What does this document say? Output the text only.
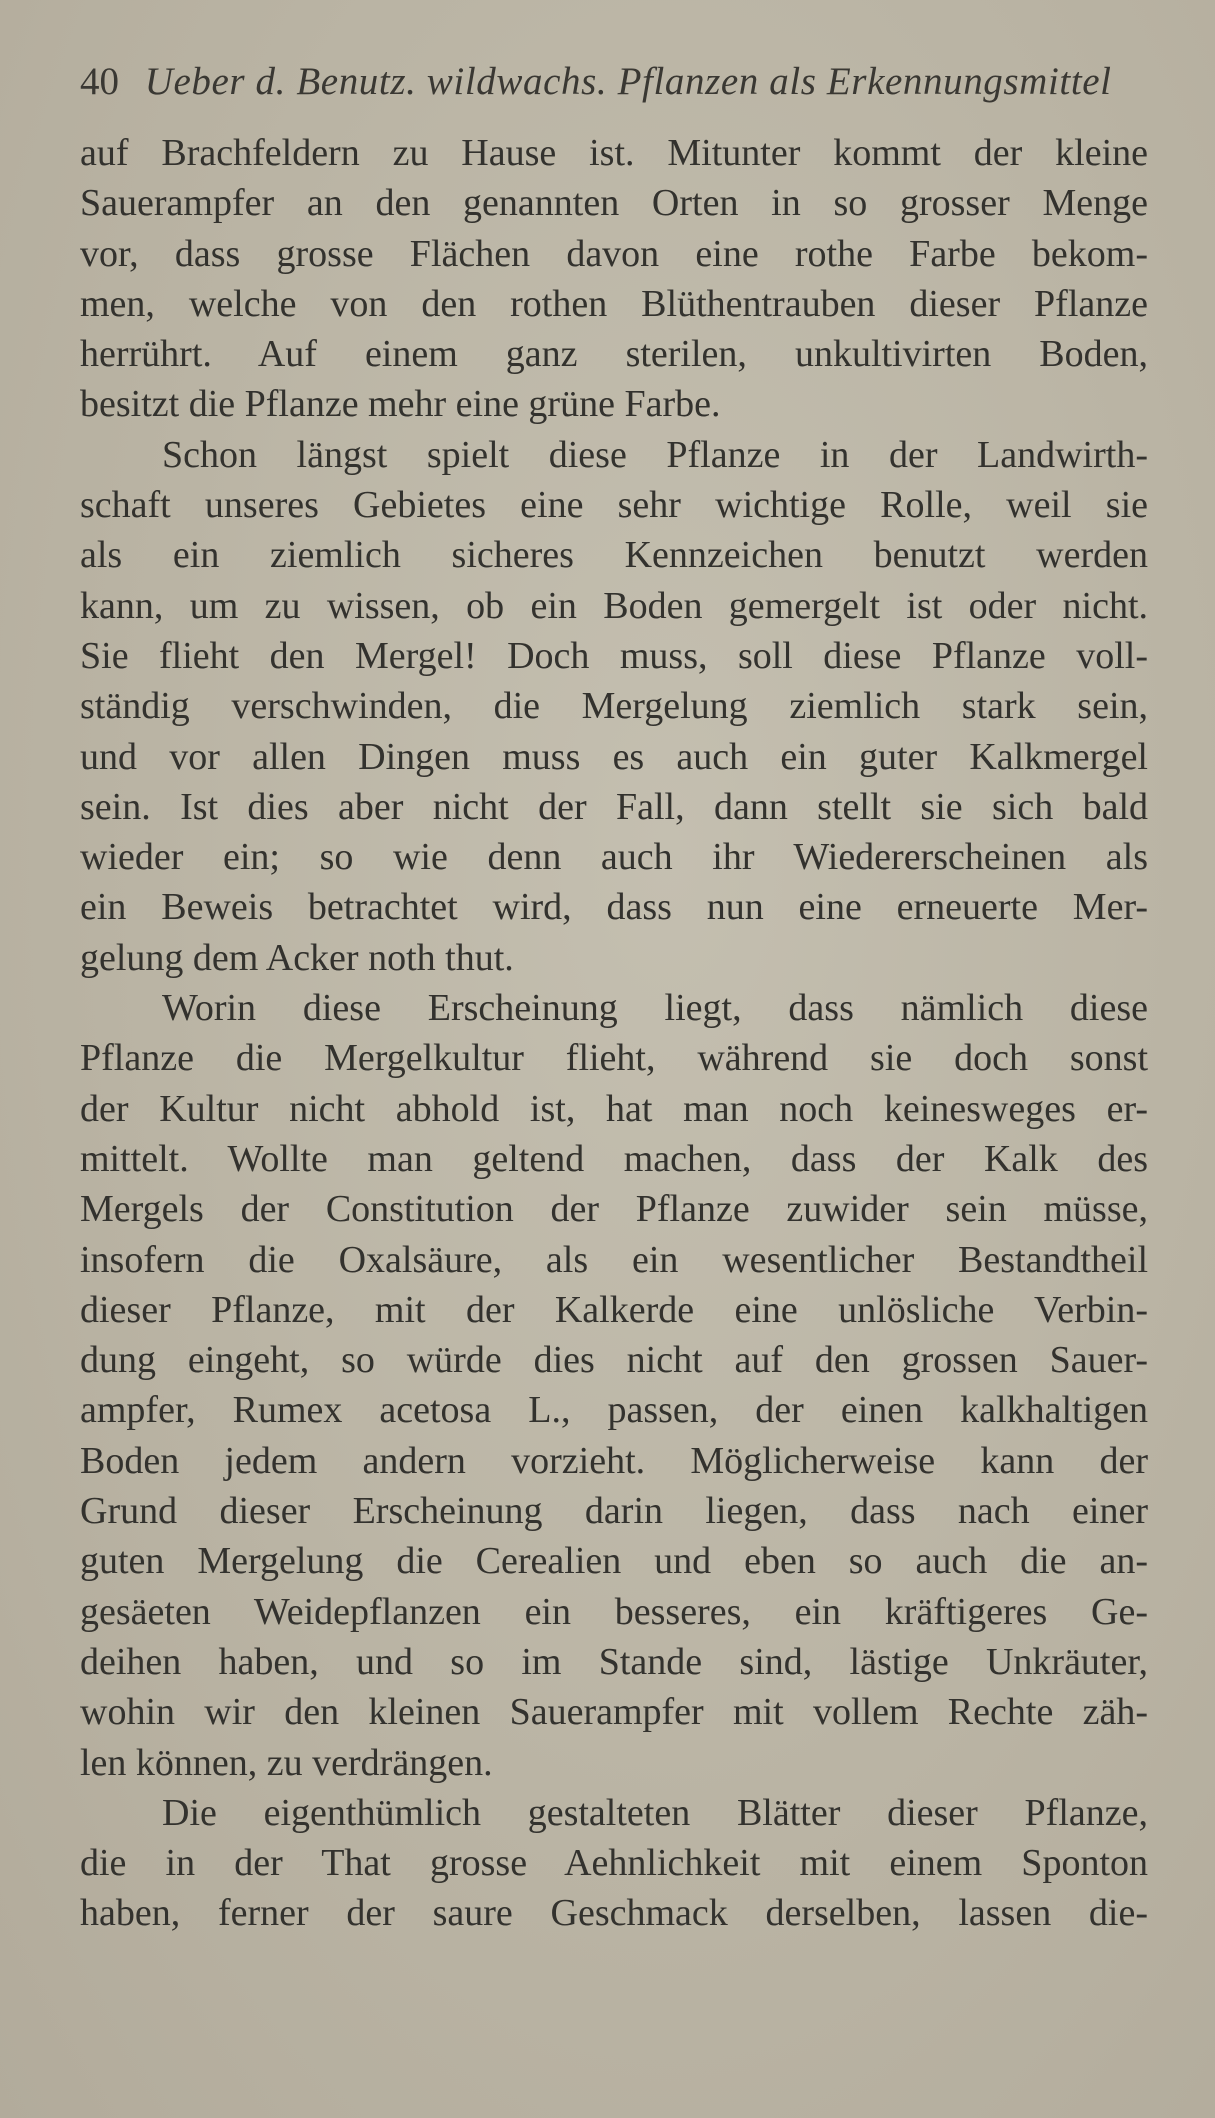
40 Ueber d. Benutz. wildwachs. Pflanzen als Erkennungsmittel
auf Brachfeldern zu Hause ist. Mitunter kommt der kleine
Sauerampfer an den genannten Orten in so grosser Menge
vor, dass grosse Flächen davon eine rothe Farbe bekom-
men, welche von den rothen Blüthentrauben dieser Pflanze
herrührt. Auf einem ganz sterilen, unkultivirten Boden,
besitzt die Pflanze mehr eine grüne Farbe.
Schon längst spielt diese Pflanze in der Landwirth-
schaft unseres Gebietes eine sehr wichtige Rolle, weil sie
als ein ziemlich sicheres Kennzeichen benutzt werden
kann, um zu wissen, ob ein Boden gemergelt ist oder nicht.
Sie flieht den Mergel! Doch muss, soll diese Pflanze voll-
ständig verschwinden, die Mergelung ziemlich stark sein,
und vor allen Dingen muss es auch ein guter Kalkmergel
sein. Ist dies aber nicht der Fall, dann stellt sie sich bald
wieder ein; so wie denn auch ihr Wiedererscheinen als
ein Beweis betrachtet wird, dass nun eine erneuerte Mer-
gelung dem Acker noth thut.
Worin diese Erscheinung liegt, dass nämlich diese
Pflanze die Mergelkultur flieht, während sie doch sonst
der Kultur nicht abhold ist, hat man noch keinesweges er-
mittelt. Wollte man geltend machen, dass der Kalk des
Mergels der Constitution der Pflanze zuwider sein müsse,
insofern die Oxalsäure, als ein wesentlicher Bestandtheil
dieser Pflanze, mit der Kalkerde eine unlösliche Verbin-
dung eingeht, so würde dies nicht auf den grossen Sauer-
ampfer, Rumex acetosa L., passen, der einen kalkhaltigen
Boden jedem andern vorzieht. Möglicherweise kann der
Grund dieser Erscheinung darin liegen, dass nach einer
guten Mergelung die Cerealien und eben so auch die an-
gesäeten Weidepflanzen ein besseres, ein kräftigeres Ge-
deihen haben, und so im Stande sind, lästige Unkräuter,
wohin wir den kleinen Sauerampfer mit vollem Rechte zäh-
len können, zu verdrängen.
Die eigenthümlich gestalteten Blätter dieser Pflanze,
die in der That grosse Aehnlichkeit mit einem Sponton
haben, ferner der saure Geschmack derselben, lassen die-
